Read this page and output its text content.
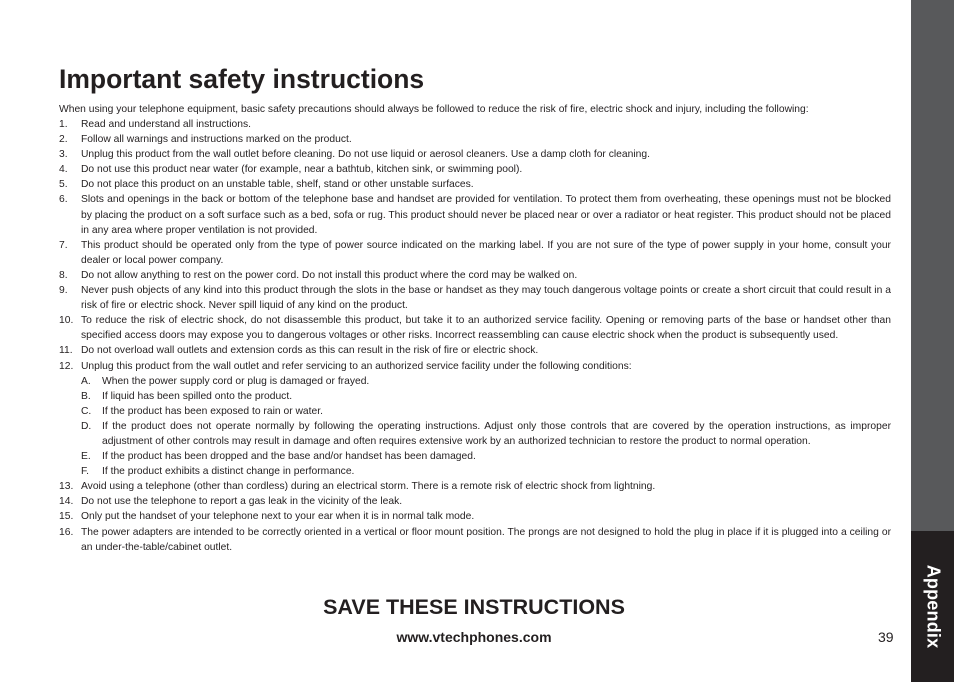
Appendix
Important safety instructions

When using your telephone equipment, basic safety precautions should always be followed to reduce the risk of fire, electric shock and injury, including the following:

1.	Read and understand all instructions.
2.	Follow all warnings and instructions marked on the product.
3.	Unplug this product from the wall outlet before cleaning. Do not use liquid or aerosol cleaners. Use a damp cloth for cleaning.
4.	Do not use this product near water (for example, near a bathtub, kitchen sink, or swimming pool).
5.	Do not place this product on an unstable table, shelf, stand or other unstable surfaces.
6.	Slots and openings in the back or bottom of the telephone base and handset are provided for ventilation. To protect them from overheating, these openings must not be blocked by placing the product on a soft surface such as a bed, sofa or rug. This product should never be placed near or over a radiator or heat register. This product should not be placed in any area where proper ventilation is not provided.
7.	This product should be operated only from the type of power source indicated on the marking label. If you are not sure of the type of power supply in your home, consult your dealer or local power company.
8.	Do not allow anything to rest on the power cord. Do not install this product where the cord may be walked on.
9.	Never push objects of any kind into this product through the slots in the base or handset as they may touch dangerous voltage points or create a short circuit that could result in a risk of fire or electric shock. Never spill liquid of any kind on the product.
10. To reduce the risk of electric shock, do not disassemble this product, but take it to an authorized service facility. Opening or removing parts of the base or handset other than specified access doors may expose you to dangerous voltages or other risks. Incorrect reassembling can cause electric shock when the product is subsequently used.
11. Do not overload wall outlets and extension cords as this can result in the risk of fire or electric shock.
12. Unplug this product from the wall outlet and refer servicing to an authorized service facility under the following conditions:
A.	When the power supply cord or plug is damaged or frayed.
B.	If liquid has been spilled onto the product.
C.	If the product has been exposed to rain or water.
D.	If the product does not operate normally by following the operating instructions. Adjust only those controls that are covered by the operation instructions, as improper adjustment of other controls may result in damage and often requires extensive work by an authorized technician to restore the product to normal operation.
E.	If the product has been dropped and the base and/or handset has been damaged.
F.	If the product exhibits a distinct change in performance.
13. Avoid using a telephone (other than cordless) during an electrical storm. There is a remote risk of electric shock from lightning.
14. Do not use the telephone to report a gas leak in the vicinity of the leak.
15. Only put the handset of your telephone next to your ear when it is in normal talk mode.
16. The power adapters are intended to be correctly oriented in a vertical or floor mount position. The prongs are not designed to hold the plug in place if it is plugged into a ceiling or an under-the-table/cabinet outlet.
SAVE THESE INSTRUCTIONS
www.vtechphones.com	39
